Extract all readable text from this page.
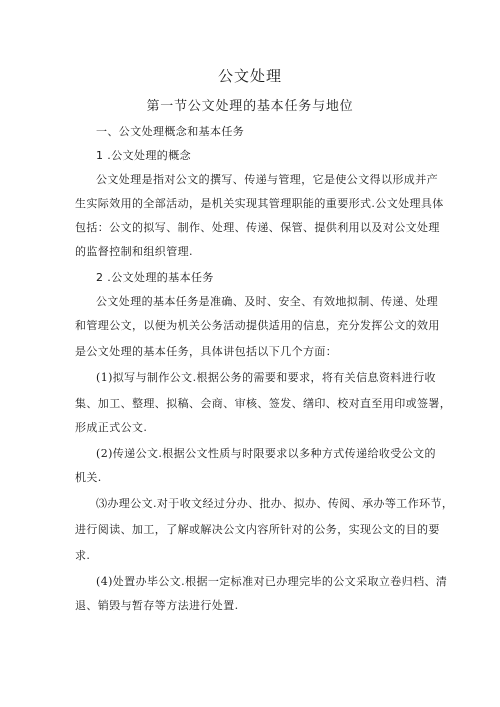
公文处理
第一节公文处理的基本任务与地位
一、公文处理概念和基本任务
1 .公文处理的概念
公文处理是指对公文的撰写、传递与管理，它是使公文得以形成并产
生实际效用的全部活动，是机关实现其管理职能的重要形式.公文处理具体
包括：公文的拟写、制作、处理、传递、保管、提供利用以及对公文处理
的监督控制和组织管理.
2 .公文处理的基本任务
公文处理的基本任务是准确、及时、安全、有效地拟制、传递、处理
和管理公文，以便为机关公务活动提供适用的信息，充分发挥公文的效用
是公文处理的基本任务，具体讲包括以下几个方面：
(1)拟写与制作公文.根据公务的需要和要求，将有关信息资料进行收
集、加工、整理、拟稿、会商、审核、签发、缮印、校对直至用印或签署，
形成正式公文.
(2)传递公文.根据公文性质与时限要求以多种方式传递给收受公文的
机关.
⑶办理公文.对于收文经过分办、批办、拟办、传阅、承办等工作环节，
进行阅读、加工，了解或解决公文内容所针对的公务，实现公文的目的要
求.
(4)处置办毕公文.根据一定标准对已办理完毕的公文采取立卷归档、清
退、销毁与暂存等方法进行处置.
